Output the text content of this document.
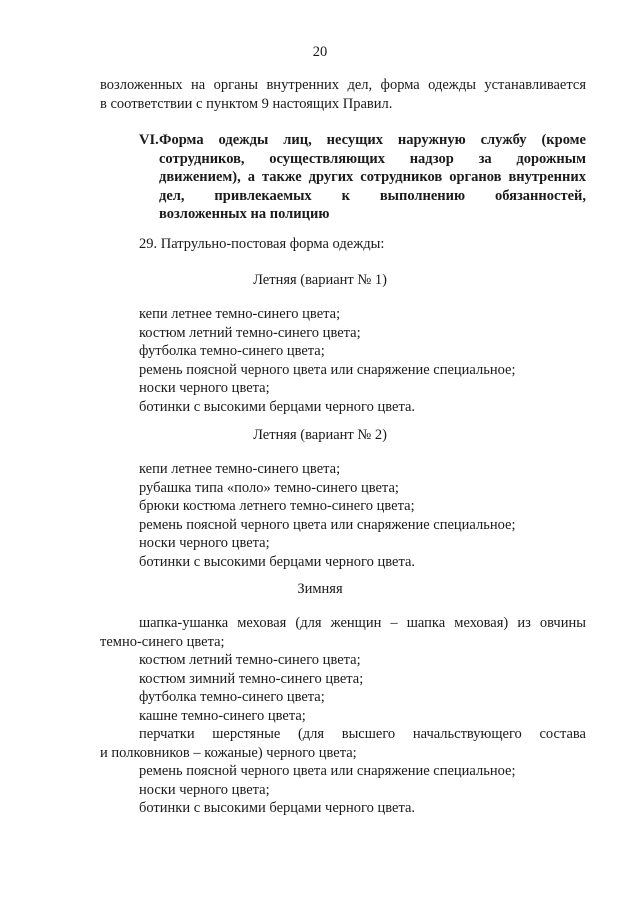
20
возложенных на органы внутренних дел, форма одежды устанавливается
в соответствии с пунктом 9 настоящих Правил.
VI. Форма одежды лиц, несущих наружную службу (кроме
сотрудников, осуществляющих надзор за дорожным
движением), а также других сотрудников органов внутренних
дел, привлекаемых к выполнению обязанностей,
возложенных на полицию
29. Патрульно-постовая форма одежды:
Летняя (вариант № 1)
кепи летнее темно-синего цвета;
костюм летний темно-синего цвета;
футболка темно-синего цвета;
ремень поясной черного цвета или снаряжение специальное;
носки черного цвета;
ботинки с высокими берцами черного цвета.
Летняя (вариант № 2)
кепи летнее темно-синего цвета;
рубашка типа «поло» темно-синего цвета;
брюки костюма летнего темно-синего цвета;
ремень поясной черного цвета или снаряжение специальное;
носки черного цвета;
ботинки с высокими берцами черного цвета.
Зимняя
шапка-ушанка меховая (для женщин – шапка меховая) из овчины
темно-синего цвета;
костюм летний темно-синего цвета;
костюм зимний темно-синего цвета;
футболка темно-синего цвета;
кашне темно-синего цвета;
перчатки шерстяные (для высшего начальствующего состава
и полковников – кожаные) черного цвета;
ремень поясной черного цвета или снаряжение специальное;
носки черного цвета;
ботинки с высокими берцами черного цвета.
